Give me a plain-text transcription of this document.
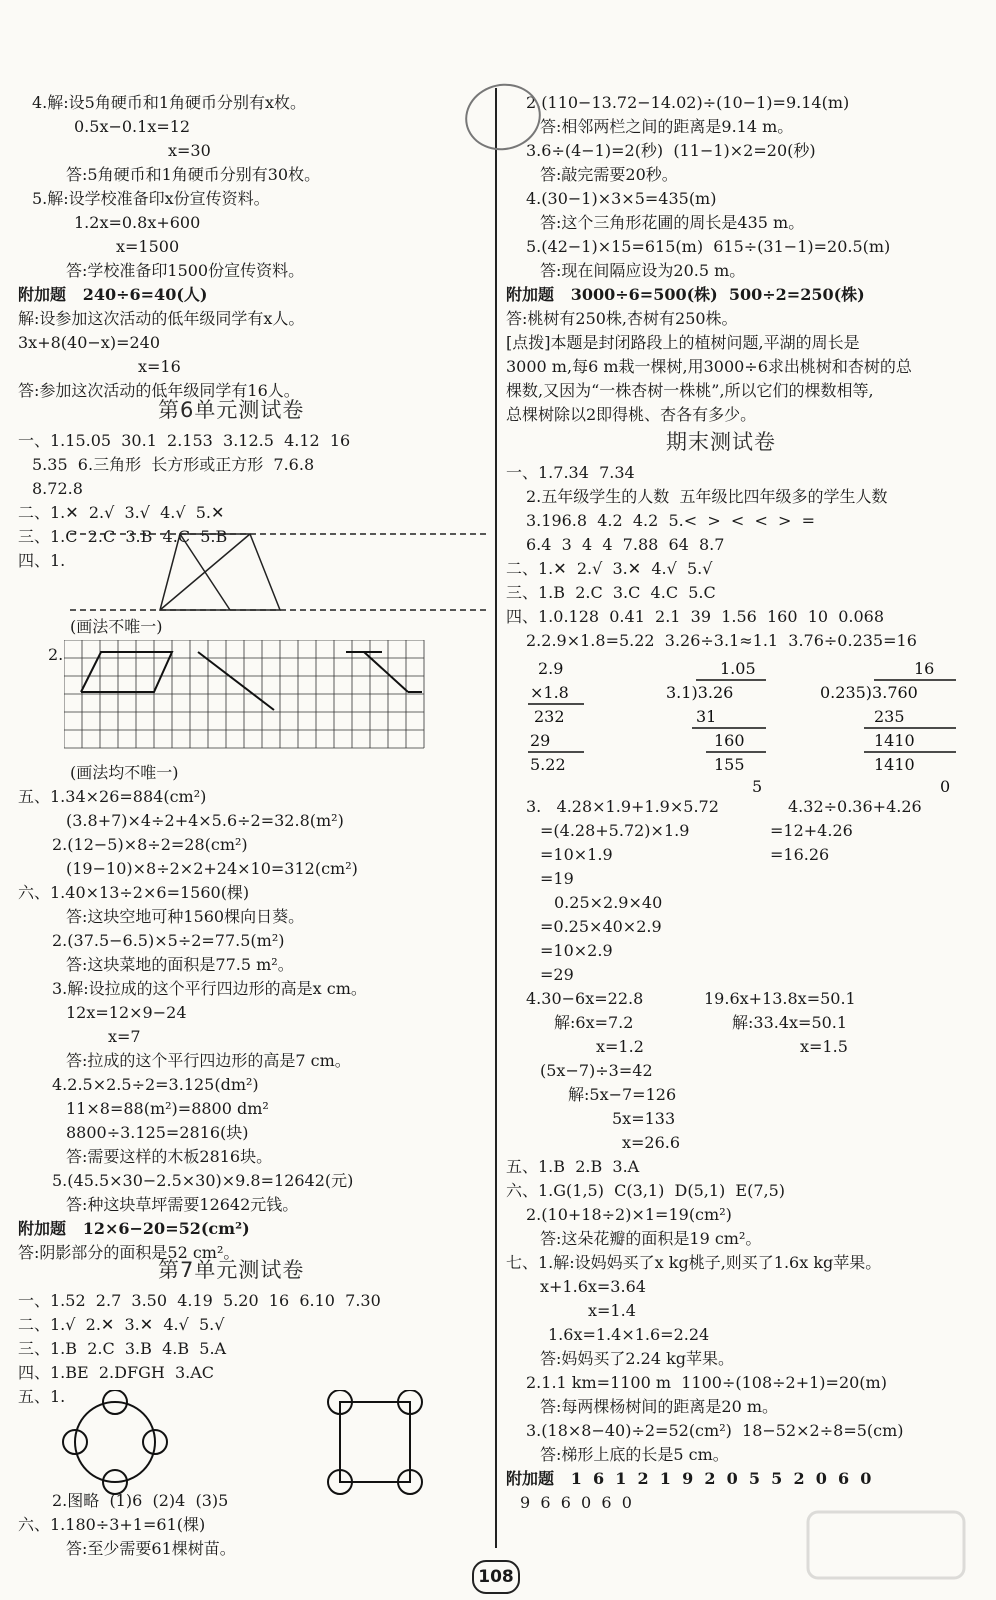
4.解:设5角硬币和1角硬币分别有x枚。
0.5x−0.1x=12
x=30
答:5角硬币和1角硬币分别有30枚。
5.解:设学校准备印x份宣传资料。
1.2x=0.8x+600
x=1500
答:学校准备印1500份宣传资料。
附加题   240÷6=40(人)
解:设参加这次活动的低年级同学有x人。
3x+8(40−x)=240
x=16
答:参加这次活动的低年级同学有16人。
一、1.15.05  30.1  2.153  3.12.5  4.12  16
5.35  6.三角形  长方形或正方形  7.6.8
8.72.8
二、1.✕  2.√  3.√  4.√  5.✕
三、1.C  2.C  3.B  4.C  5.B
四、1.
(画法不唯一)
2.
(画法均不唯一)
五、1.34×26=884(cm²)
(3.8+7)×4÷2+4×5.6÷2=32.8(m²)
2.(12−5)×8÷2=28(cm²)
(19−10)×8÷2×2+24×10=312(cm²)
六、1.40×13÷2×6=1560(棵)
答:这块空地可种1560棵向日葵。
2.(37.5−6.5)×5÷2=77.5(m²)
答:这块菜地的面积是77.5 m²。
3.解:设拉成的这个平行四边形的高是x cm。
12x=12×9−24
x=7
答:拉成的这个平行四边形的高是7 cm。
4.2.5×2.5÷2=3.125(dm²)
11×8=88(m²)=8800 dm²
8800÷3.125=2816(块)
答:需要这样的木板2816块。
5.(45.5×30−2.5×30)×9.8=12642(元)
答:种这块草坪需要12642元钱。
附加题   12×6−20=52(cm²)
答:阴影部分的面积是52 cm²。
一、1.52  2.7  3.50  4.19  5.20  16  6.10  7.30
二、1.√  2.✕  3.✕  4.√  5.√
三、1.B  2.C  3.B  4.B  5.A
四、1.BE  2.DFGH  3.AC
五、1.
2.图略  (1)6  (2)4  (3)5
六、1.180÷3+1=61(棵)
答:至少需要61棵树苗。
第6单元测试卷
第7单元测试卷
2.(110−13.72−14.02)÷(10−1)=9.14(m)
答:相邻两栏之间的距离是9.14 m。
3.6÷(4−1)=2(秒)  (11−1)×2=20(秒)
答:敲完需要20秒。
4.(30−1)×3×5=435(m)
答:这个三角形花圃的周长是435 m。
5.(42−1)×15=615(m)  615÷(31−1)=20.5(m)
答:现在间隔应设为20.5 m。
附加题   3000÷6=500(株)  500÷2=250(株)
答:桃树有250株,杏树有250株。
[点拨]本题是封闭路段上的植树问题,平湖的周长是
3000 m,每6 m栽一棵树,用3000÷6求出桃树和杏树的总
棵数,又因为“一株杏树一株桃”,所以它们的棵数相等,
总棵树除以2即得桃、杏各有多少。
一、1.7.34  7.34
2.五年级学生的人数  五年级比四年级多的学生人数
3.196.8  4.2  4.2  5.<  >  <  <  >  =
6.4  3  4  4  7.88  64  8.7
二、1.✕  2.√  3.✕  4.√  5.√
三、1.B  2.C  3.C  4.C  5.C
四、1.0.128  0.41  2.1  39  1.56  160  10  0.068
2.2.9×1.8=5.22  3.26÷3.1≈1.1  3.76÷0.235=16
3.   4.28×1.9+1.9×5.72	4.32÷0.36+4.26
=(4.28+5.72)×1.9	=12+4.26
=10×1.9	=16.26
=19
0.25×2.9×40
=0.25×40×2.9
=10×2.9
=29
4.30−6x=22.8	19.6x+13.8x=50.1
解:6x=7.2	解:33.4x=50.1
x=1.2	x=1.5
(5x−7)÷3=42
解:5x−7=126
5x=133
x=26.6
五、1.B  2.B  3.A
六、1.G(1,5)  C(3,1)  D(5,1)  E(7,5)
2.(10+18÷2)×1=19(cm²)
答:这朵花瓣的面积是19 cm²。
七、1.解:设妈妈买了x kg桃子,则买了1.6x kg苹果。
x+1.6x=3.64
x=1.4
1.6x=1.4×1.6=2.24
答:妈妈买了2.24 kg苹果。
2.1.1 km=1100 m  1100÷(108÷2+1)=20(m)
答:每两棵杨树间的距离是20 m。
3.(18×8−40)÷2=52(cm²)  18−52×2÷8=5(cm)
答:梯形上底的长是5 cm。
附加题   1  6  1  2  1  9  2  0  5  5  2  0  6  0
9  6  6  0  6  0
期末测试卷
2.9
×1.8
232
29
5.22
1.05
3.1)3.26
31
160
155
5
16
0.235)3.760
235
1410
1410
0
108
